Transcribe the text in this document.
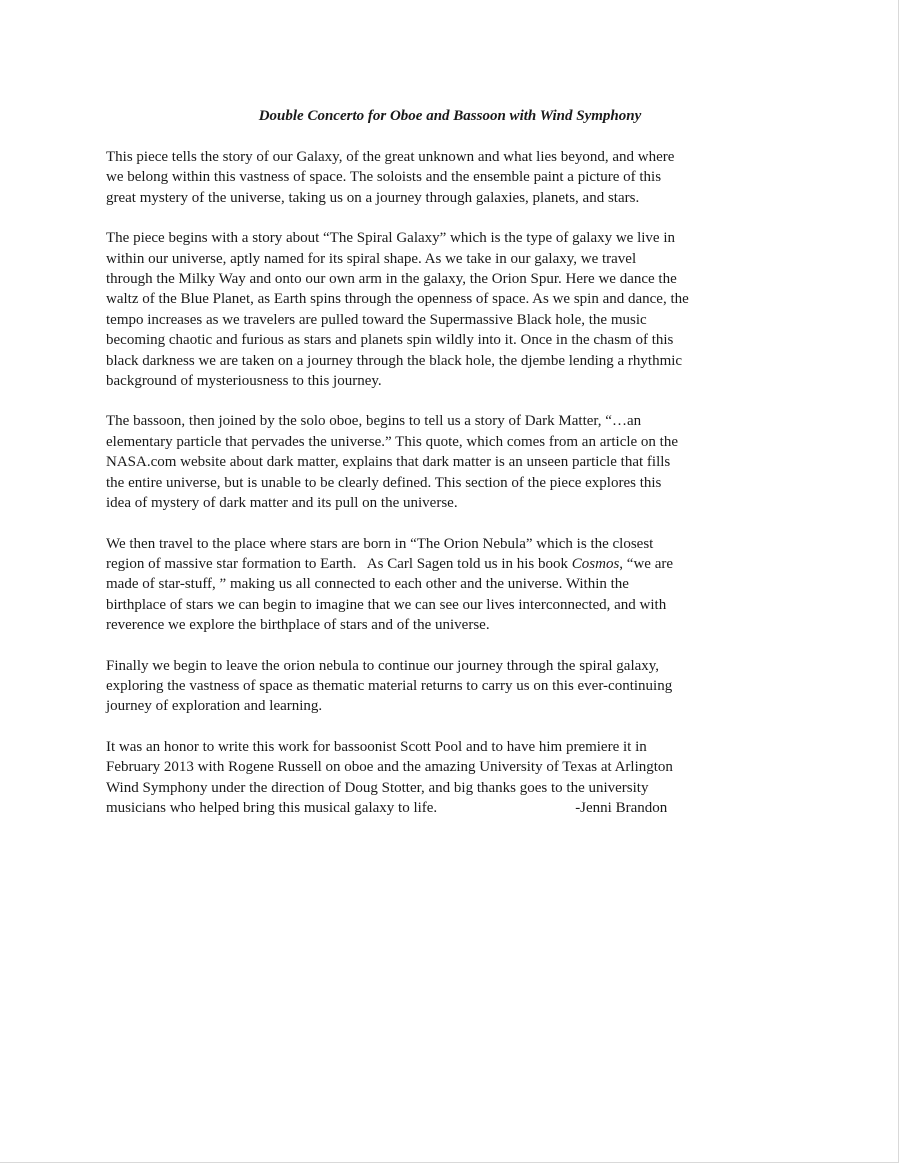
Double Concerto for Oboe and Bassoon with Wind Symphony

This piece tells the story of our Galaxy, of the great unknown and what lies beyond, and where
we belong within this vastness of space. The soloists and the ensemble paint a picture of this
great mystery of the universe, taking us on a journey through galaxies, planets, and stars.

The piece begins with a story about “The Spiral Galaxy” which is the type of galaxy we live in
within our universe, aptly named for its spiral shape. As we take in our galaxy, we travel
through the Milky Way and onto our own arm in the galaxy, the Orion Spur. Here we dance the
waltz of the Blue Planet, as Earth spins through the openness of space. As we spin and dance, the
tempo increases as we travelers are pulled toward the Supermassive Black hole, the music
becoming chaotic and furious as stars and planets spin wildly into it. Once in the chasm of this
black darkness we are taken on a journey through the black hole, the djembe lending a rhythmic
background of mysteriousness to this journey.

The bassoon, then joined by the solo oboe, begins to tell us a story of Dark Matter, “…an
elementary particle that pervades the universe.” This quote, which comes from an article on the
NASA.com website about dark matter, explains that dark matter is an unseen particle that fills
the entire universe, but is unable to be clearly defined. This section of the piece explores this
idea of mystery of dark matter and its pull on the universe.

We then travel to the place where stars are born in “The Orion Nebula” which is the closest
region of massive star formation to Earth.   As Carl Sagen told us in his book Cosmos, “we are
made of star-stuff, ” making us all connected to each other and the universe. Within the
birthplace of stars we can begin to imagine that we can see our lives interconnected, and with
reverence we explore the birthplace of stars and of the universe.

Finally we begin to leave the orion nebula to continue our journey through the spiral galaxy,
exploring the vastness of space as thematic material returns to carry us on this ever-continuing
journey of exploration and learning.

It was an honor to write this work for bassoonist Scott Pool and to have him premiere it in
February 2013 with Rogene Russell on oboe and the amazing University of Texas at Arlington
Wind Symphony under the direction of Doug Stotter, and big thanks goes to the university
musicians who helped bring this musical galaxy to life.	-Jenni Brandon
